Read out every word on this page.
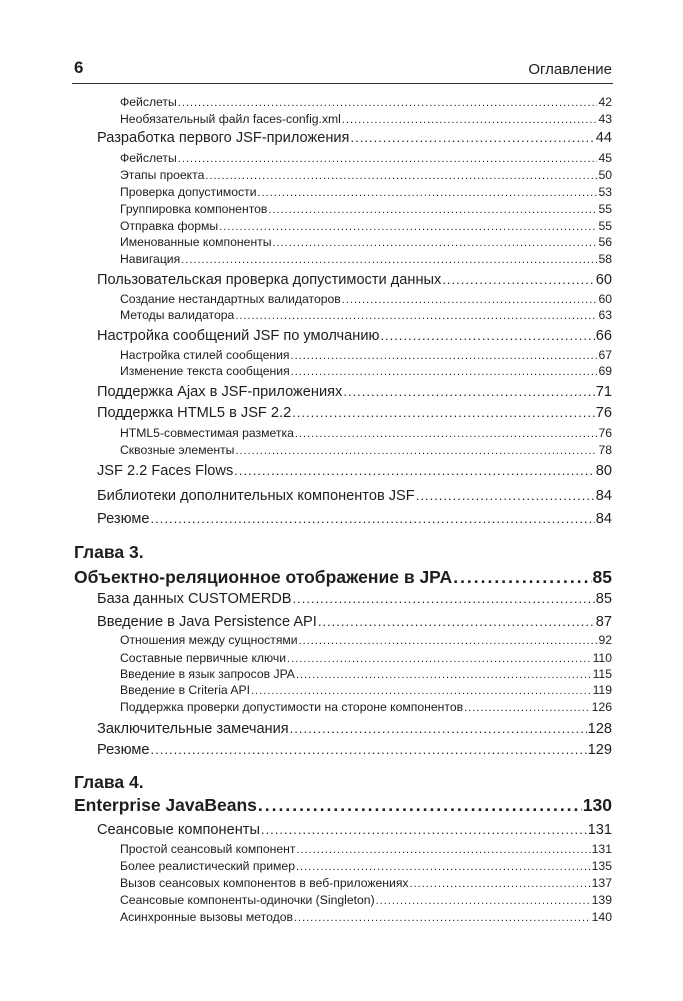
6	Оглавление
Фейслеты .....	42
Необязательный файл faces-config.xml .....	43
Разработка первого JSF-приложения .....	44
Фейслеты .....	45
Этапы проекта .....	50
Проверка допустимости .....	53
Группировка компонентов .....	55
Отправка формы .....	55
Именованные компоненты .....	56
Навигация .....	58
Пользовательская проверка допустимости данных .....	60
Создание нестандартных валидаторов .....	60
Методы валидатора .....	63
Настройка сообщений JSF по умолчанию .....	66
Настройка стилей сообщения .....	67
Изменение текста сообщения .....	69
Поддержка Ajax в JSF-приложениях .....	71
Поддержка HTML5 в JSF 2.2 .....	76
HTML5-совместимая разметка .....	76
Сквозные элементы .....	78
JSF 2.2 Faces Flows .....	80
Библиотеки дополнительных компонентов JSF .....	84
Резюме .....	84
Глава 3.
Объектно-реляционное отображение в JPA .....	85
База данных CUSTOMERDB .....	85
Введение в Java Persistence API .....	87
Отношения между сущностями .....	92
Составные первичные ключи .....	110
Введение в язык запросов JPA .....	115
Введение в Criteria API .....	119
Поддержка проверки допустимости на стороне компонентов .....	126
Заключительные замечания .....	128
Резюме .....	129
Глава 4.
Enterprise JavaBeans .....	130
Сеансовые компоненты .....	131
Простой сеансовый компонент .....	131
Более реалистический пример .....	135
Вызов сеансовых компонентов в веб-приложениях .....	137
Сеансовые компоненты-одиночки (Singleton) .....	139
Асинхронные вызовы методов .....	140
